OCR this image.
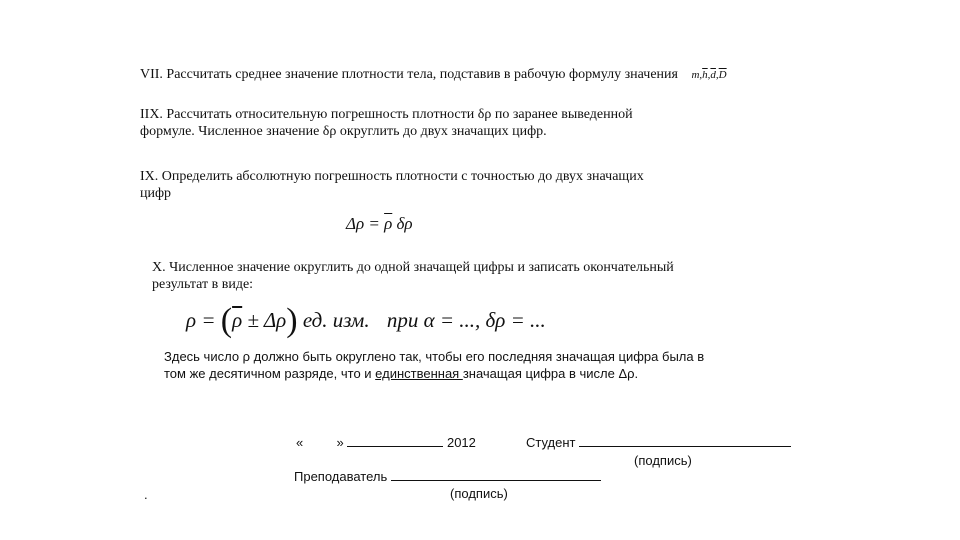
VII. Рассчитать среднее значение плотности тела, подставив в рабочую формулу значения $m,\overline{h},\overline{d},\overline{D}$
IIX. Рассчитать относительную погрешность плотности δρ по заранее выведенной
формуле. Численное значение δρ округлить до двух значащих цифр.
IX. Определить абсолютную погрешность плотности с точностью до двух значащих
цифр
$\Delta\rho = \overline{\rho}$ δρ
X. Численное значение округлить до одной значащей цифры и записать окончательный
результат в виде:
$\rho = (\overline{\rho} \pm \Delta\rho)$ ед. изм. при α = ..., δρ = ...
Здесь число ρ должно быть округлено так, чтобы его последняя значащая цифра была в
том же десятичном разряде, что и единственная значащая цифра в числе Δρ.
«	»	2012	Студент
(подпись)
Преподаватель
(подпись)
.
